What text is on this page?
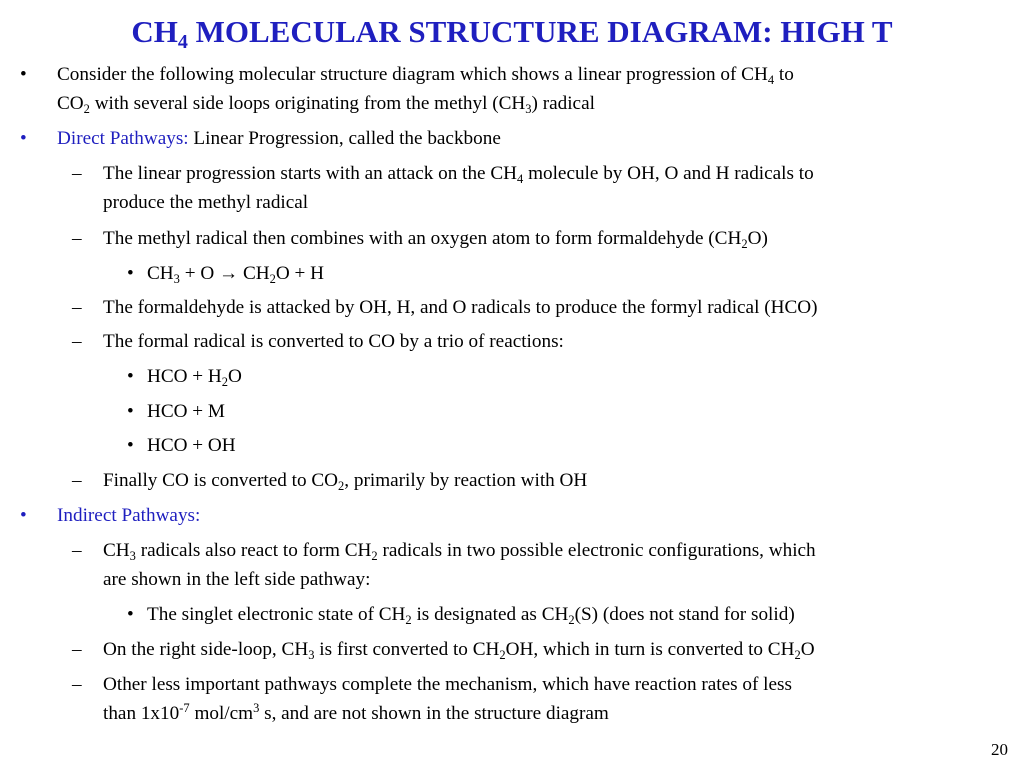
$CH_4$ MOLECULAR STRUCTURE DIAGRAM: HIGH T
• Consider the following molecular structure diagram which shows a linear progression of $CH_4$ to
$CO_2$ with several side loops originating from the methyl $(CH_3)$ radical
• Direct Pathways: Linear Progression, called the backbone
– The linear progression starts with an attack on the $CH_4$ molecule by OH, O and H radicals to
produce the methyl radical
– The methyl radical then combines with an oxygen atom to form formaldehyde $(CH_2O)$
• $CH_3 + O \to CH_2O + H$
– The formaldehyde is attacked by OH, H, and O radicals to produce the formyl radical (HCO)
– The formal radical is converted to CO by a trio of reactions:
• HCO + $H_2O$
• HCO + M
• HCO + OH
– Finally CO is converted to $CO_2$, primarily by reaction with OH
• Indirect Pathways:
– $CH_3$ radicals also react to form $CH_2$ radicals in two possible electronic configurations, which
are shown in the left side pathway:
• The singlet electronic state of $CH_2$ is designated as $CH_2(S)$ (does not stand for solid)
– On the right side-loop, $CH_3$ is first converted to $CH_2OH$, which in turn is converted to $CH_2O$
– Other less important pathways complete the mechanism, which have reaction rates of less
than $1x10^{-7}$ mol/$cm^3$ s, and are not shown in the structure diagram
20
